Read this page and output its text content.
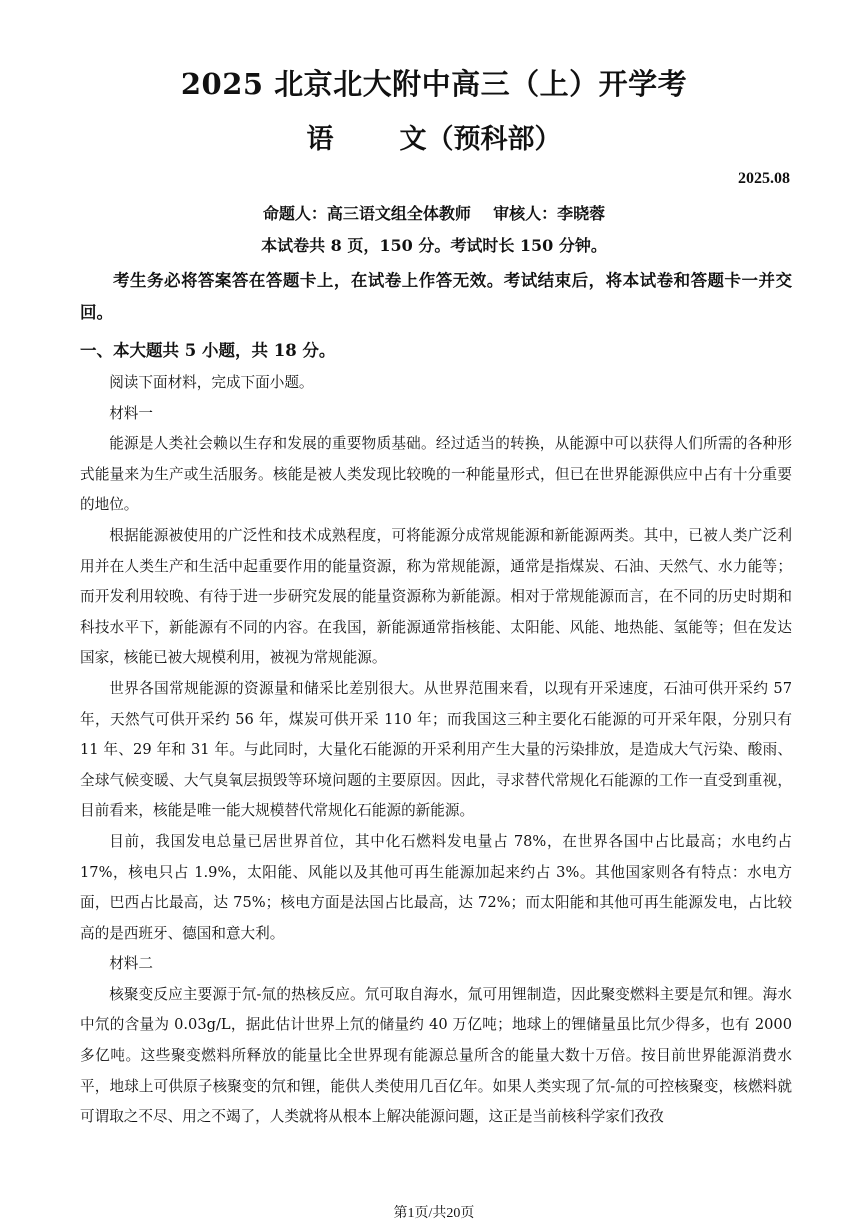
2025 北京北大附中高三（上）开学考
语 文（预科部）
2025.08
命题人：高三语文组全体教师    审核人：李晓蓉
本试卷共 8 页，150 分。考试时长 150 分钟。
考生务必将答案答在答题卡上，在试卷上作答无效。考试结束后，将本试卷和答题卡一并交回。
一、本大题共 5 小题，共 18 分。

阅读下面材料，完成下面小题。

材料一

能源是人类社会赖以生存和发展的重要物质基础。经过适当的转换，从能源中可以获得人们所需的各种形式能量来为生产或生活服务。核能是被人类发现比较晚的一种能量形式，但已在世界能源供应中占有十分重要的地位。

根据能源被使用的广泛性和技术成熟程度，可将能源分成常规能源和新能源两类。其中，已被人类广泛利用并在人类生产和生活中起重要作用的能量资源，称为常规能源，通常是指煤炭、石油、天然气、水力能等；而开发利用较晚、有待于进一步研究发展的能量资源称为新能源。相对于常规能源而言，在不同的历史时期和科技水平下，新能源有不同的内容。在我国，新能源通常指核能、太阳能、风能、地热能、氢能等；但在发达国家，核能已被大规模利用，被视为常规能源。

世界各国常规能源的资源量和储采比差别很大。从世界范围来看，以现有开采速度，石油可供开采约 57 年，天然气可供开采约 56 年，煤炭可供开采 110 年；而我国这三种主要化石能源的可开采年限，分别只有 11 年、29 年和 31 年。与此同时，大量化石能源的开采利用产生大量的污染排放，是造成大气污染、酸雨、全球气候变暖、大气臭氧层损毁等环境问题的主要原因。因此，寻求替代常规化石能源的工作一直受到重视，目前看来，核能是唯一能大规模替代常规化石能源的新能源。

目前，我国发电总量已居世界首位，其中化石燃料发电量占 78%，在世界各国中占比最高；水电约占 17%，核电只占 1.9%，太阳能、风能以及其他可再生能源加起来约占 3%。其他国家则各有特点：水电方面，巴西占比最高，达 75%；核电方面是法国占比最高，达 72%；而太阳能和其他可再生能源发电，占比较高的是西班牙、德国和意大利。

材料二

核聚变反应主要源于氘-氚的热核反应。氘可取自海水，氚可用锂制造，因此聚变燃料主要是氘和锂。海水中氘的含量为 0.03g/L，据此估计世界上氘的储量约 40 万亿吨；地球上的锂储量虽比氘少得多，也有 2000 多亿吨。这些聚变燃料所释放的能量比全世界现有能源总量所含的能量大数十万倍。按目前世界能源消费水平，地球上可供原子核聚变的氘和锂，能供人类使用几百亿年。如果人类实现了氘-氚的可控核聚变，核燃料就可谓取之不尽、用之不竭了，人类就将从根本上解决能源问题，这正是当前核科学家们孜孜

第1页/共20页
